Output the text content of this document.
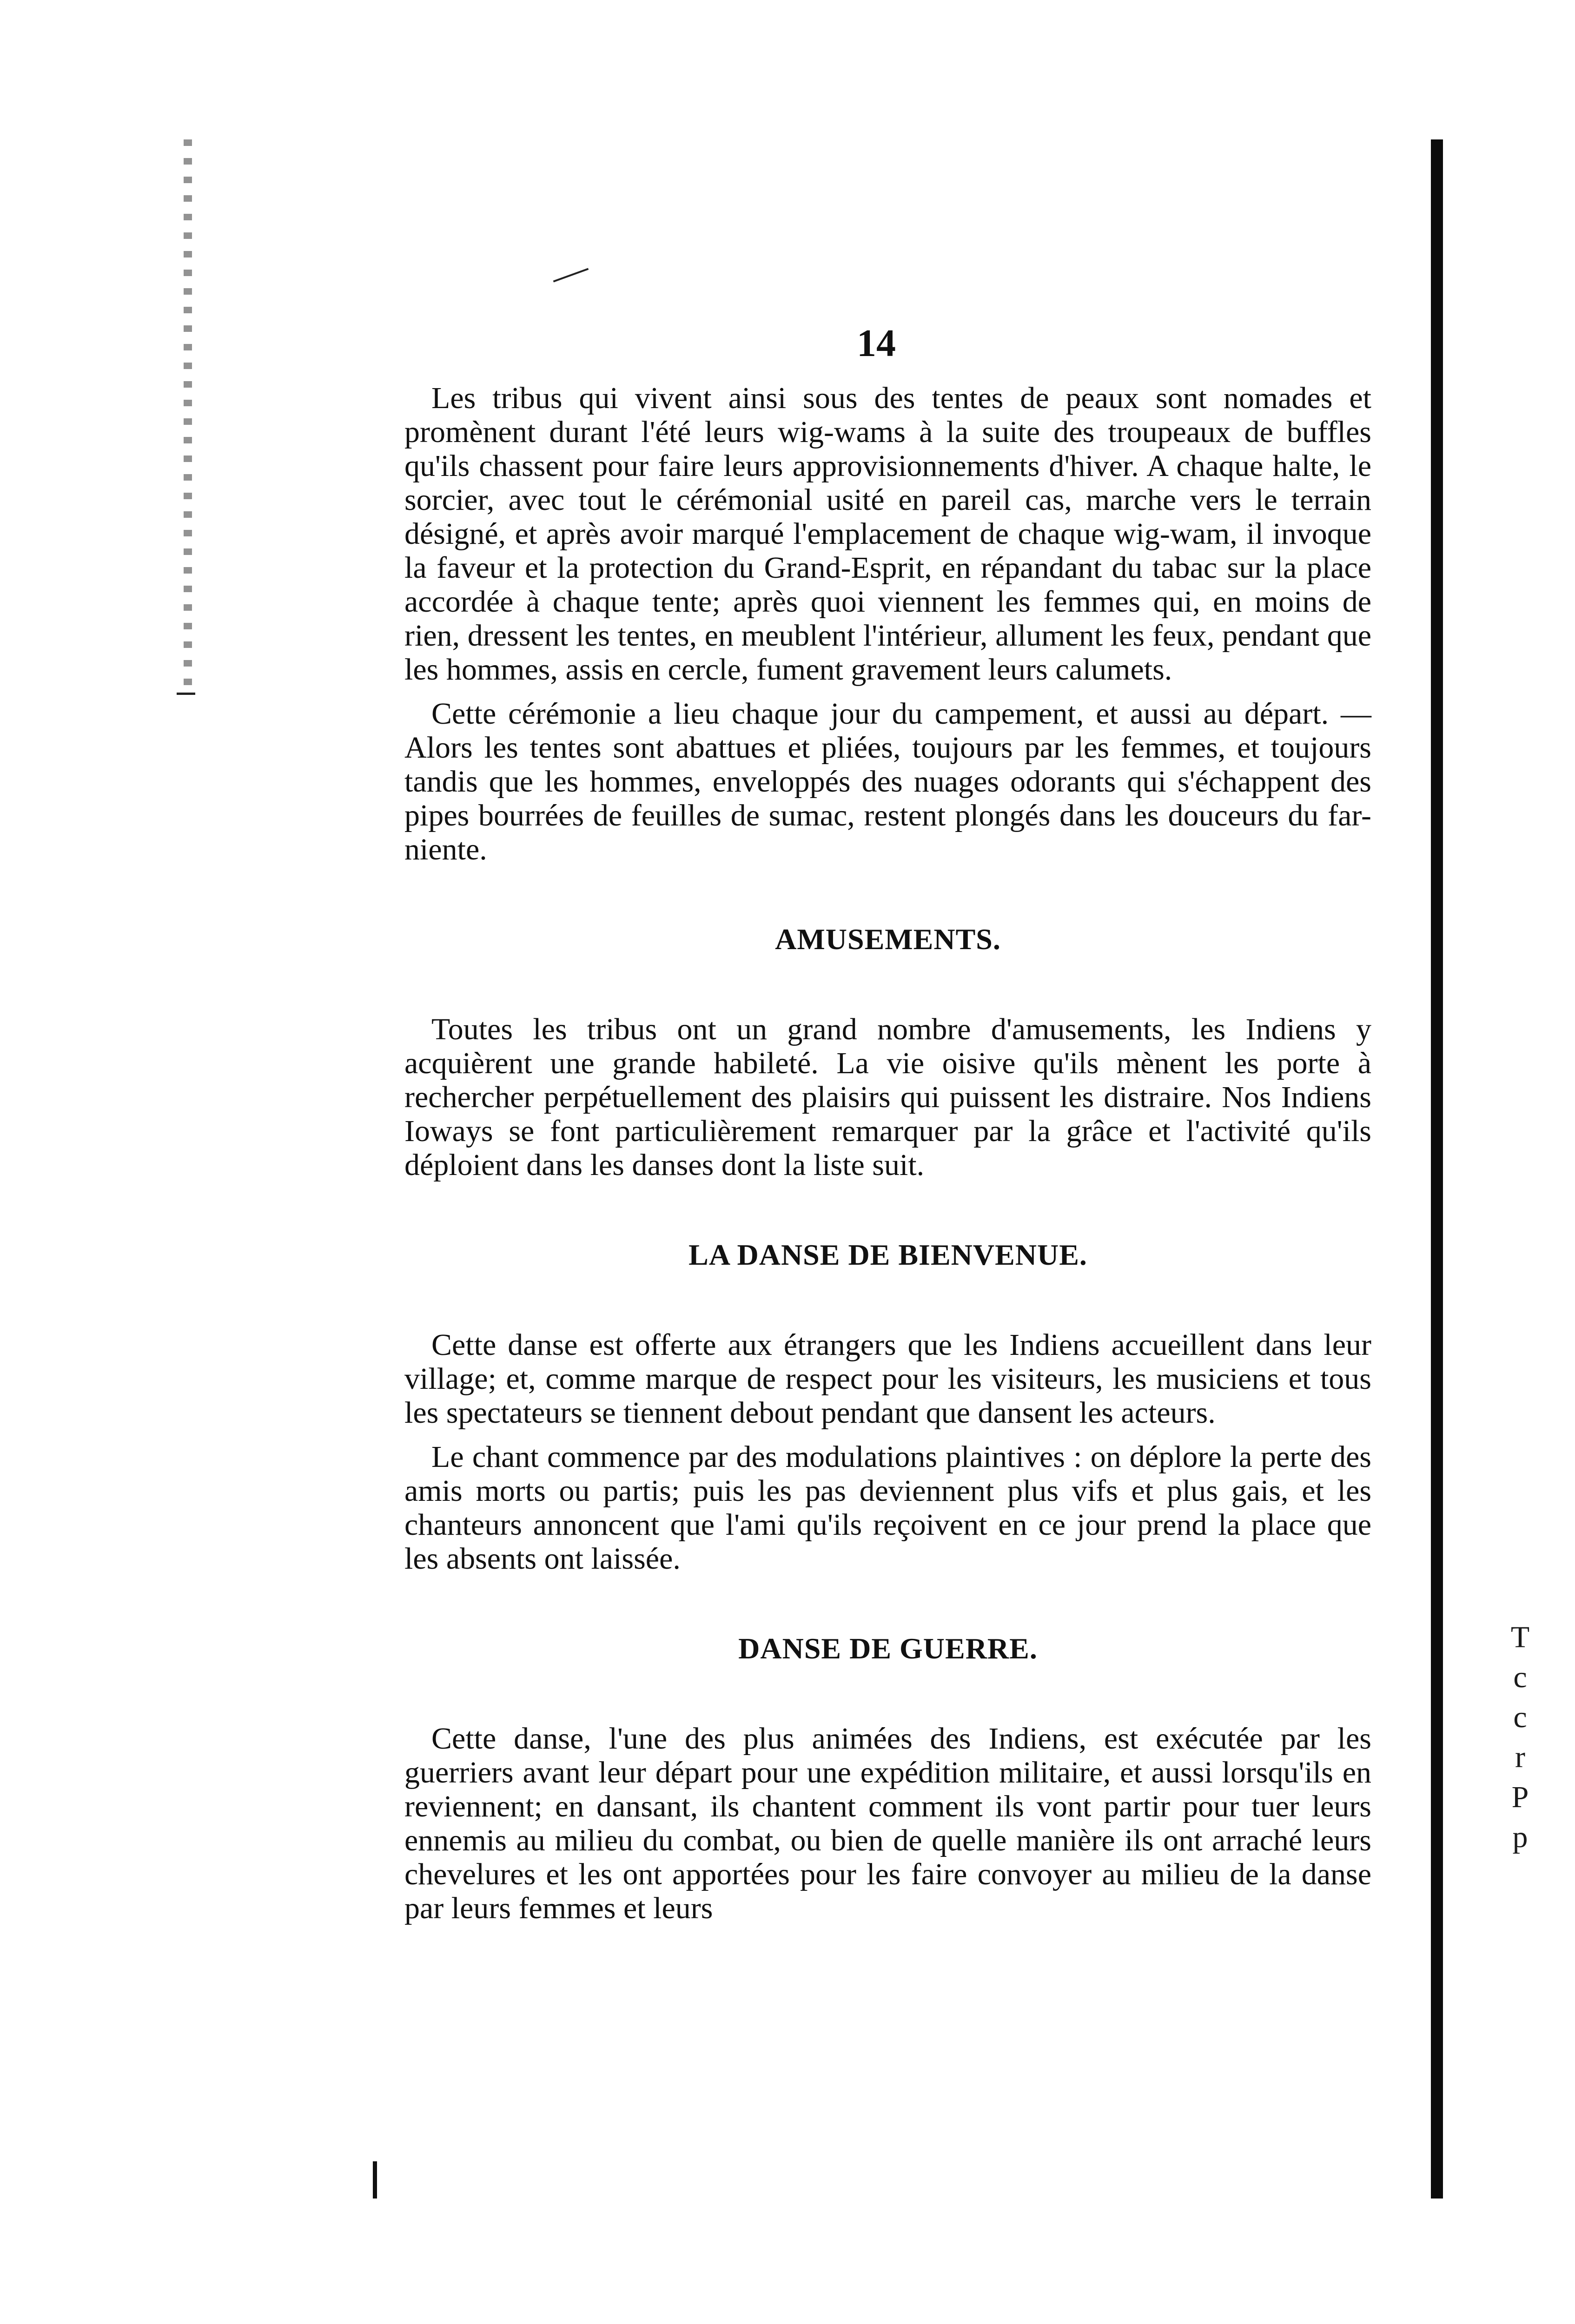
14

Les tribus qui vivent ainsi sous des tentes de peaux sont nomades et promènent durant l'été leurs wig-wams à la suite des troupeaux de buffles qu'ils chassent pour faire leurs approvisionnements d'hiver. A chaque halte, le sorcier, avec tout le cérémonial usité en pareil cas, marche vers le terrain désigné, et après avoir marqué l'emplacement de chaque wig-wam, il invoque la faveur et la protection du Grand-Esprit, en répandant du tabac sur la place accordée à chaque tente; après quoi viennent les femmes qui, en moins de rien, dressent les tentes, en meublent l'intérieur, allument les feux, pendant que les hommes, assis en cercle, fument gravement leurs calumets.

Cette cérémonie a lieu chaque jour du campement, et aussi au départ. — Alors les tentes sont abattues et pliées, toujours par les femmes, et toujours tandis que les hommes, enveloppés des nuages odorants qui s'échappent des pipes bourrées de feuilles de sumac, restent plongés dans les douceurs du far-niente.

AMUSEMENTS.

Toutes les tribus ont un grand nombre d'amusements, les Indiens y acquièrent une grande habileté. La vie oisive qu'ils mènent les porte à rechercher perpétuellement des plaisirs qui puissent les distraire. Nos Indiens Ioways se font particulièrement remarquer par la grâce et l'activité qu'ils déploient dans les danses dont la liste suit.

LA DANSE DE BIENVENUE.

Cette danse est offerte aux étrangers que les Indiens accueillent dans leur village; et, comme marque de respect pour les visiteurs, les musiciens et tous les spectateurs se tiennent debout pendant que dansent les acteurs.

Le chant commence par des modulations plaintives : on déplore la perte des amis morts ou partis; puis les pas deviennent plus vifs et plus gais, et les chanteurs annoncent que l'ami qu'ils reçoivent en ce jour prend la place que les absents ont laissée.

DANSE DE GUERRE.

Cette danse, l'une des plus animées des Indiens, est exécutée par les guerriers avant leur départ pour une expédition militaire, et aussi lorsqu'ils en reviennent; en dansant, ils chantent comment ils vont partir pour tuer leurs ennemis au milieu du combat, ou bien de quelle manière ils ont arraché leurs chevelures et les ont apportées pour les faire convoyer au milieu de la danse par leurs femmes et leurs

T
c
c
r
P
p
